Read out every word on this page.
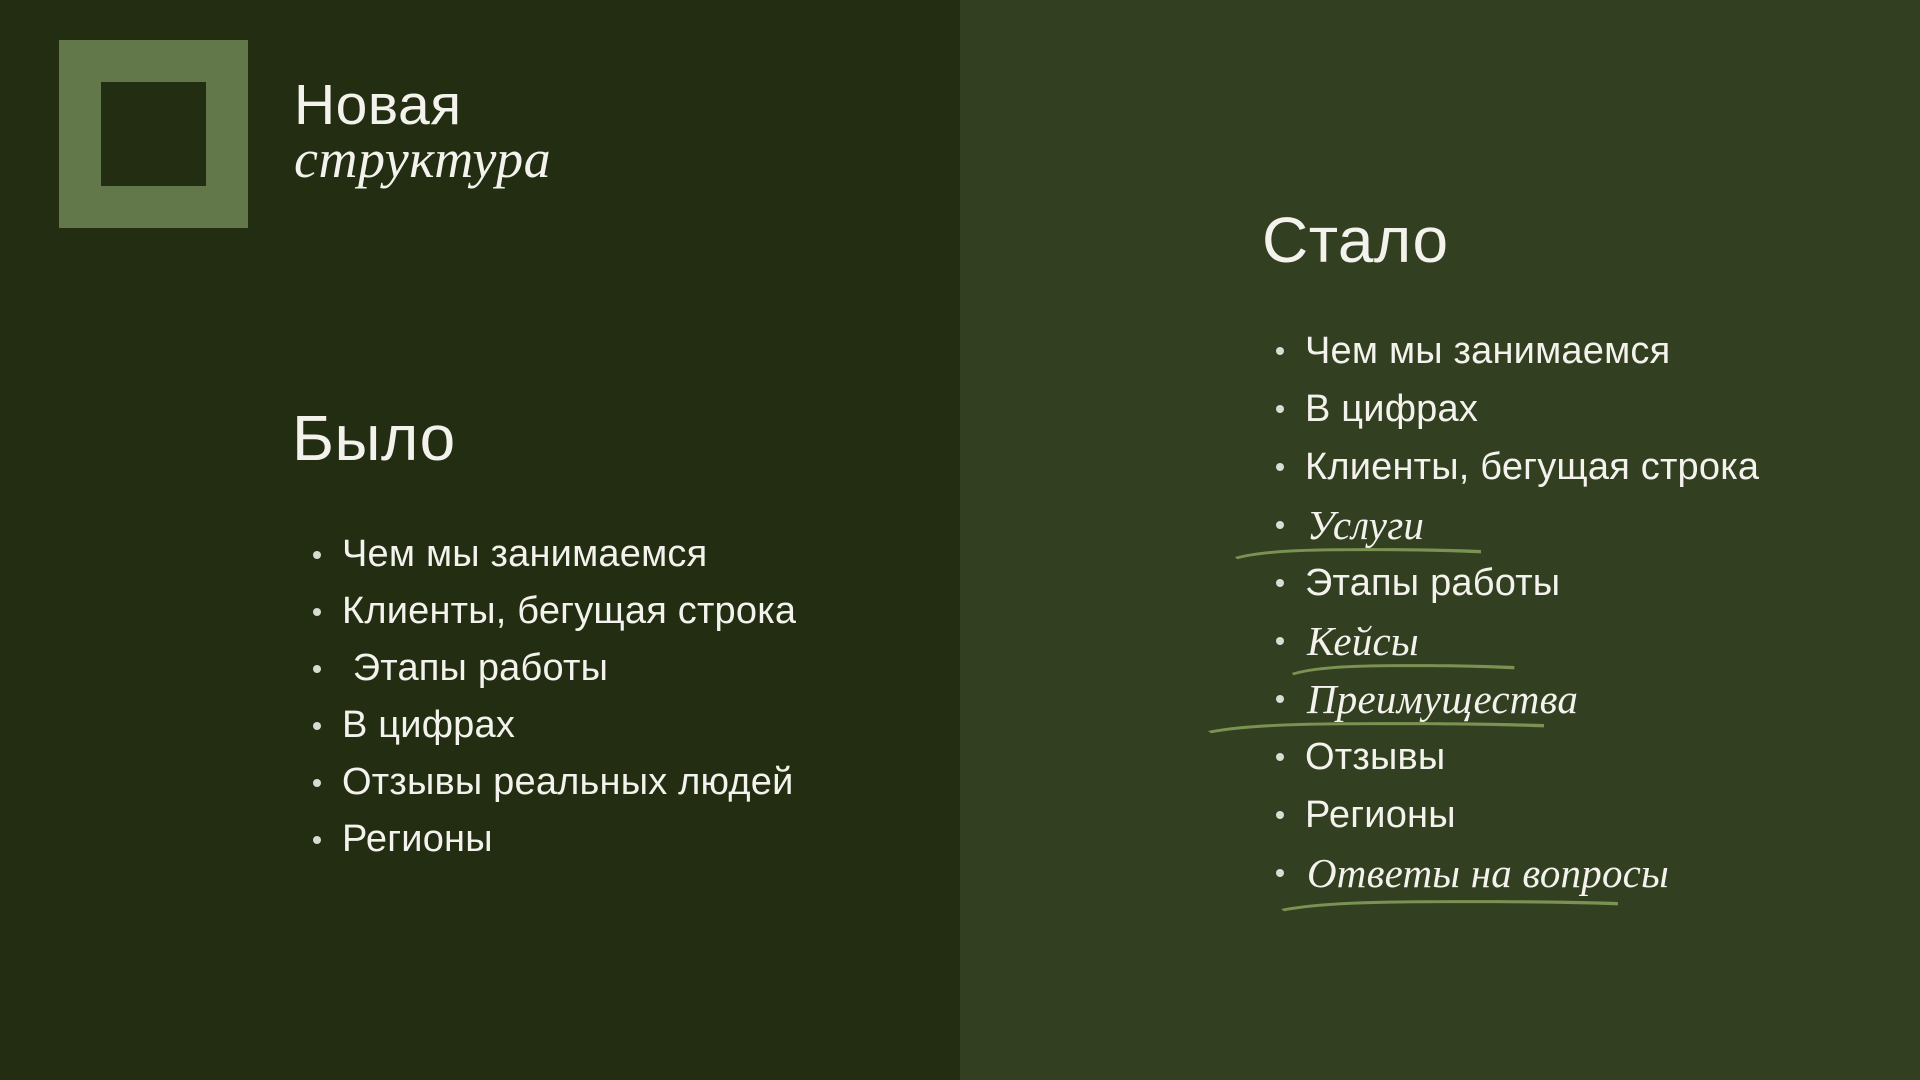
Новая
структура
Было
Чем мы занимаемся
Клиенты, бегущая строка
Этапы работы
В цифрах
Отзывы реальных людей
Регионы
Стало
Чем мы занимаемся
В цифрах
Клиенты, бегущая строка
Услуги
Этапы работы
Кейсы
Преимущества
Отзывы
Регионы
Ответы на вопросы
